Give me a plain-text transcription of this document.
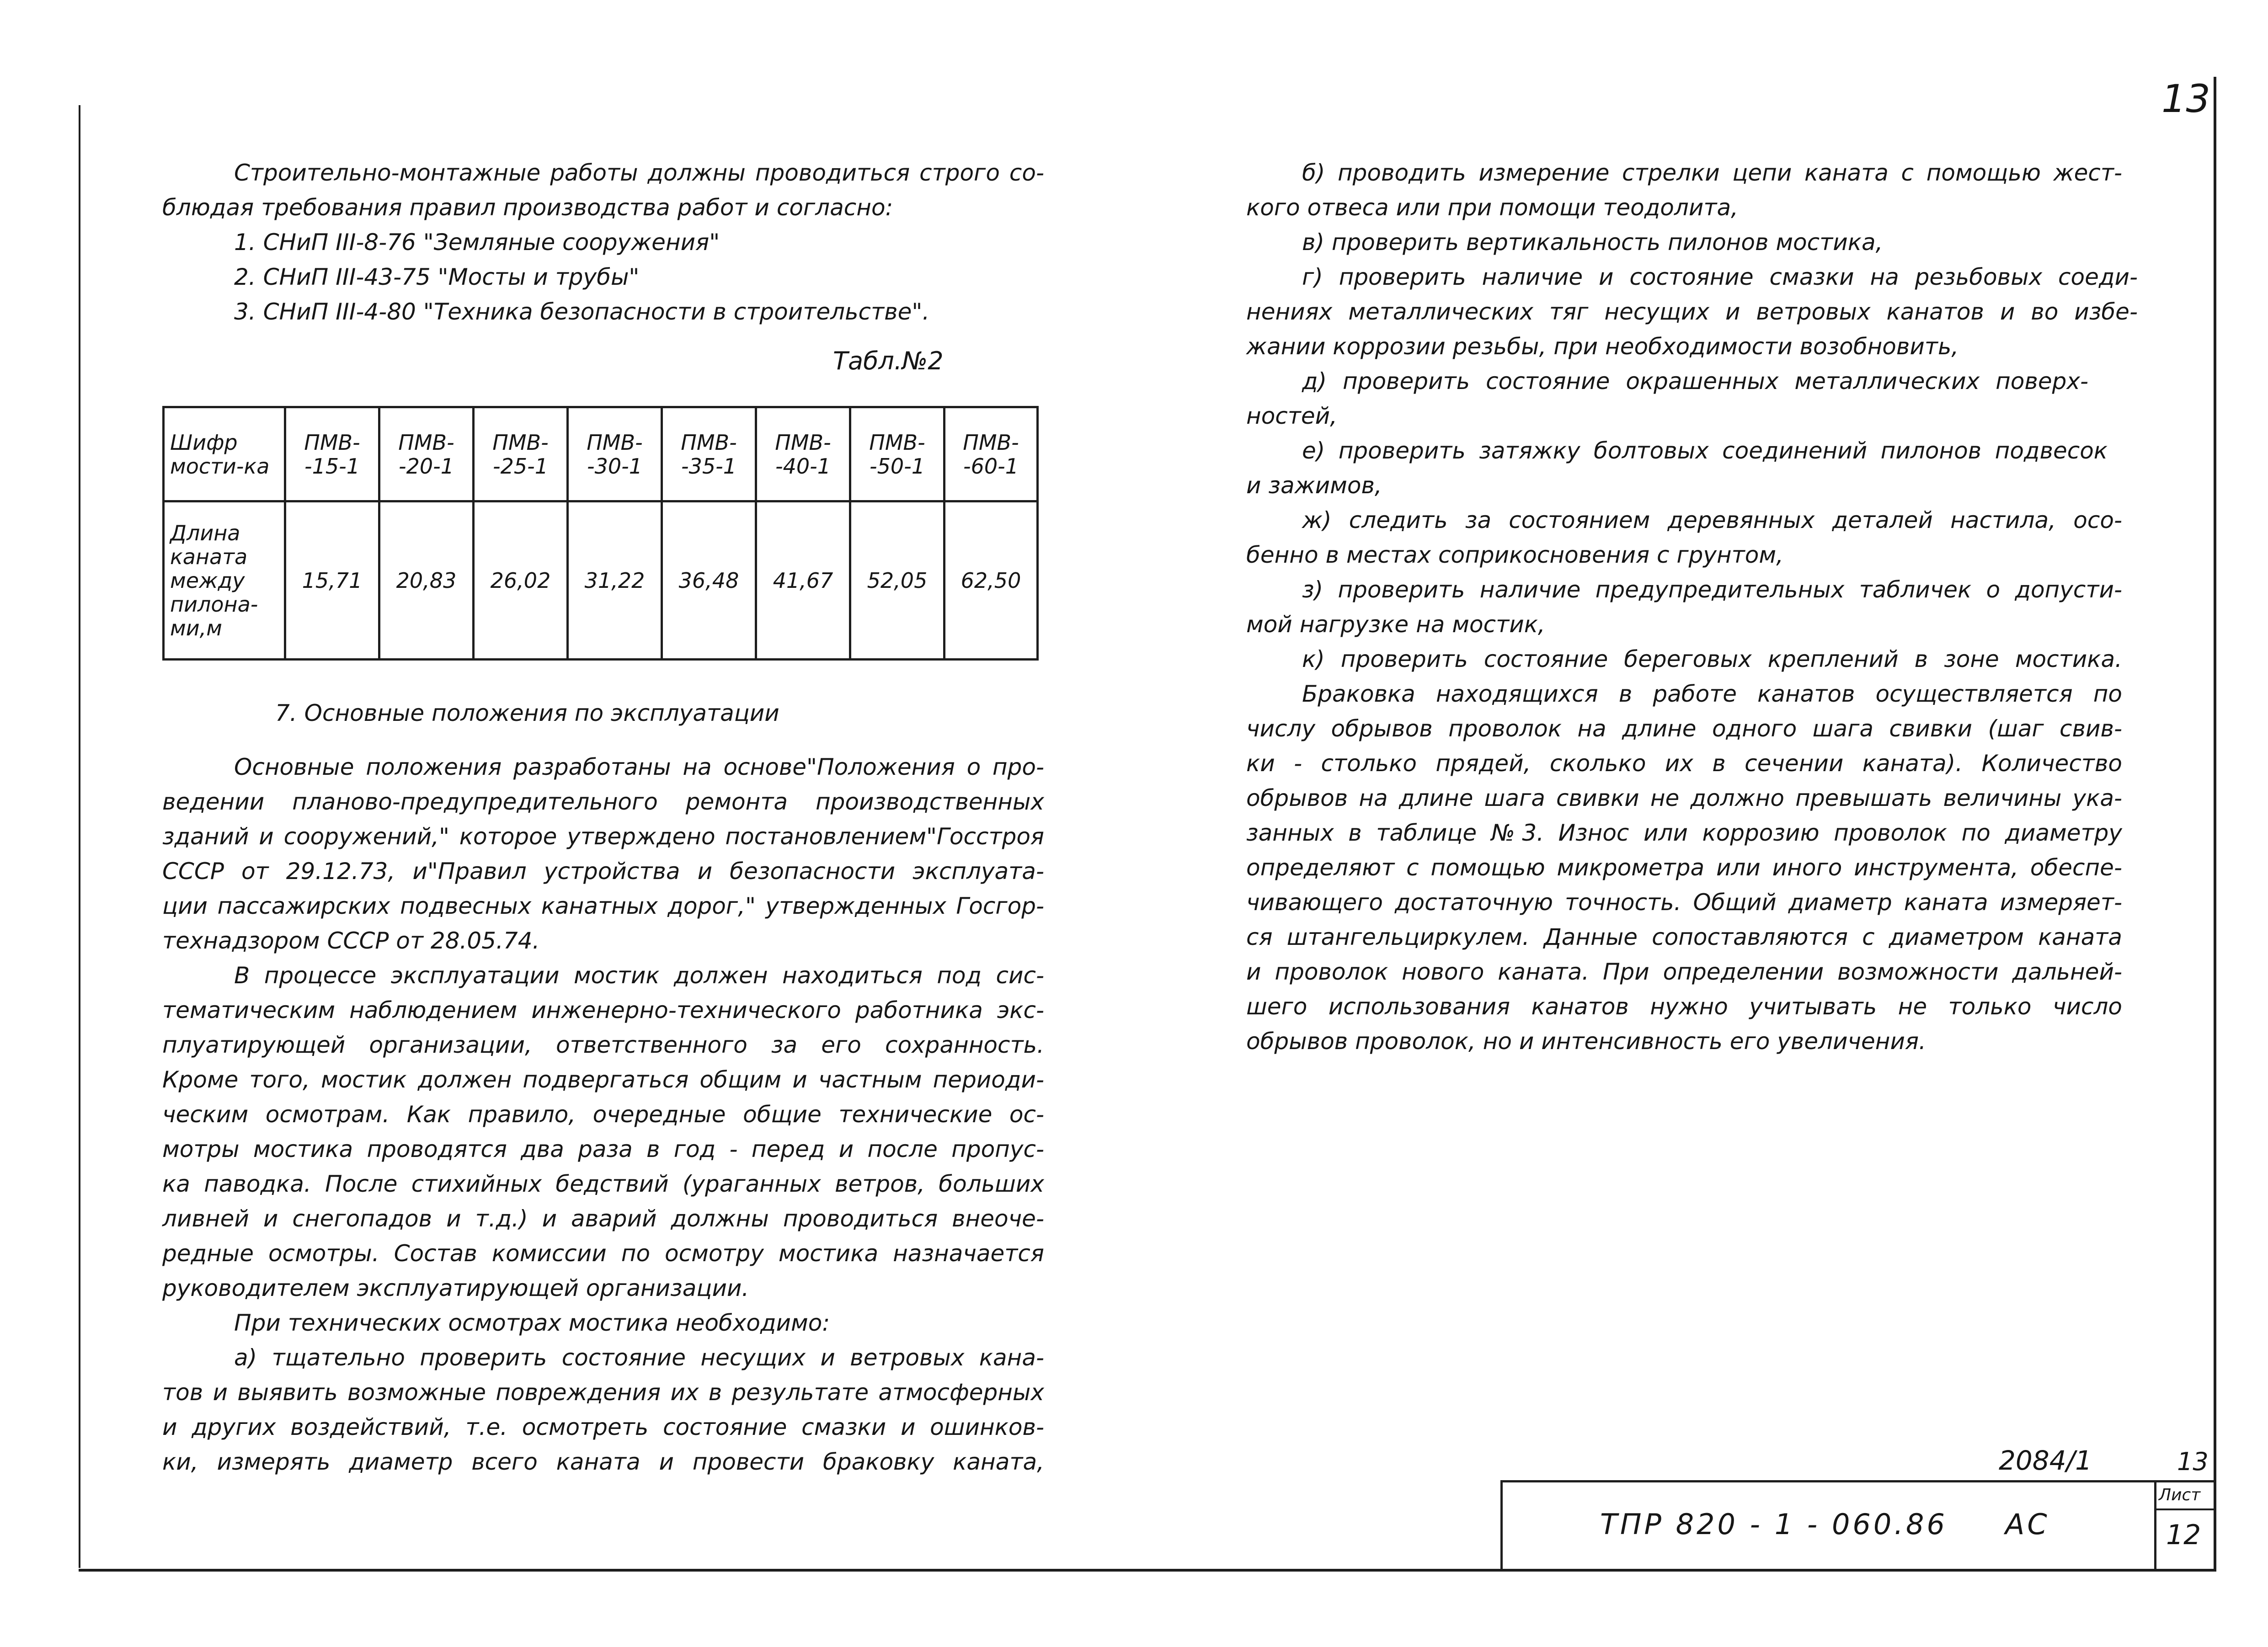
13
Строительно-монтажные работы должны проводиться строго со-
блюдая требования правил производства работ и согласно:
1. СНиП III-8-76 "Земляные сооружения"
2. СНиП III-43-75 "Мосты и трубы"
3. СНиП III-4-80 "Техника безопасности в строительстве".
Табл.№2
Шифр мости-ка	ПМВ--15-1	ПМВ--20-1	ПМВ--25-1	ПМВ--30-1	ПМВ--35-1	ПМВ--40-1	ПМВ--50-1	ПМВ--60-1
Длина каната между пилона-ми,м	15,71	20,83	26,02	31,22	36,48	41,67	52,05	62,50
7. Основные положения по эксплуатации
Основные положения разработаны на основе"Положения о про-
ведении планово-предупредительного ремонта производственных
зданий и сооружений," которое утверждено постановлением"Госстроя
СССР от 29.12.73, и"Правил устройства и безопасности эксплуата-
ции пассажирских подвесных канатных дорог," утвержденных Госгор-
технадзором СССР от 28.05.74.
В процессе эксплуатации мостик должен находиться под сис-
тематическим наблюдением инженерно-технического работника экс-
плуатирующей организации, ответственного за его сохранность.
Кроме того, мостик должен подвергаться общим и частным периоди-
ческим осмотрам. Как правило, очередные общие технические ос-
мотры мостика проводятся два раза в год - перед и после пропус-
ка паводка. После стихийных бедствий (ураганных ветров, больших
ливней и снегопадов и т.д.) и аварий должны проводиться внеоче-
редные осмотры. Состав комиссии по осмотру мостика назначается
руководителем эксплуатирующей организации.
При технических осмотрах мостика необходимо:
а) тщательно проверить состояние несущих и ветровых кана-
тов и выявить возможные повреждения их в результате атмосферных
и других воздействий, т.е. осмотреть состояние смазки и ошинков-
ки, измерять диаметр всего каната и провести браковку каната,
б) проводить измерение стрелки цепи каната с помощью жест-
кого отвеса или при помощи теодолита,
в) проверить вертикальность пилонов мостика,
г) проверить наличие и состояние смазки на резьбовых соеди-
нениях металлических тяг несущих и ветровых канатов и во избе-
жании коррозии резьбы, при необходимости возобновить,
д) проверить состояние окрашенных металлических поверх-
ностей,
е) проверить затяжку болтовых соединений пилонов подвесок
и зажимов,
ж) следить за состоянием деревянных деталей настила, осо-
бенно в местах соприкосновения с грунтом,
з) проверить наличие предупредительных табличек о допусти-
мой нагрузке на мостик,
к) проверить состояние береговых креплений в зоне мостика.
Браковка находящихся в работе канатов осуществляется по
числу обрывов проволок на длине одного шага свивки (шаг свив-
ки - столько прядей, сколько их в сечении каната). Количество
обрывов на длине шага свивки не должно превышать величины ука-
занных в таблице №3. Износ или коррозию проволок по диаметру
определяют с помощью микрометра или иного инструмента, обеспе-
чивающего достаточную точность. Общий диаметр каната измеряет-
ся штангельциркулем. Данные сопоставляются с диаметром каната
и проволок нового каната. При определении возможности дальней-
шего использования канатов нужно учитывать не только число
обрывов проволок, но и интенсивность его увеличения.
2084/1	13
ТПР 820 - 1 - 060.86 АС
Лист
12
